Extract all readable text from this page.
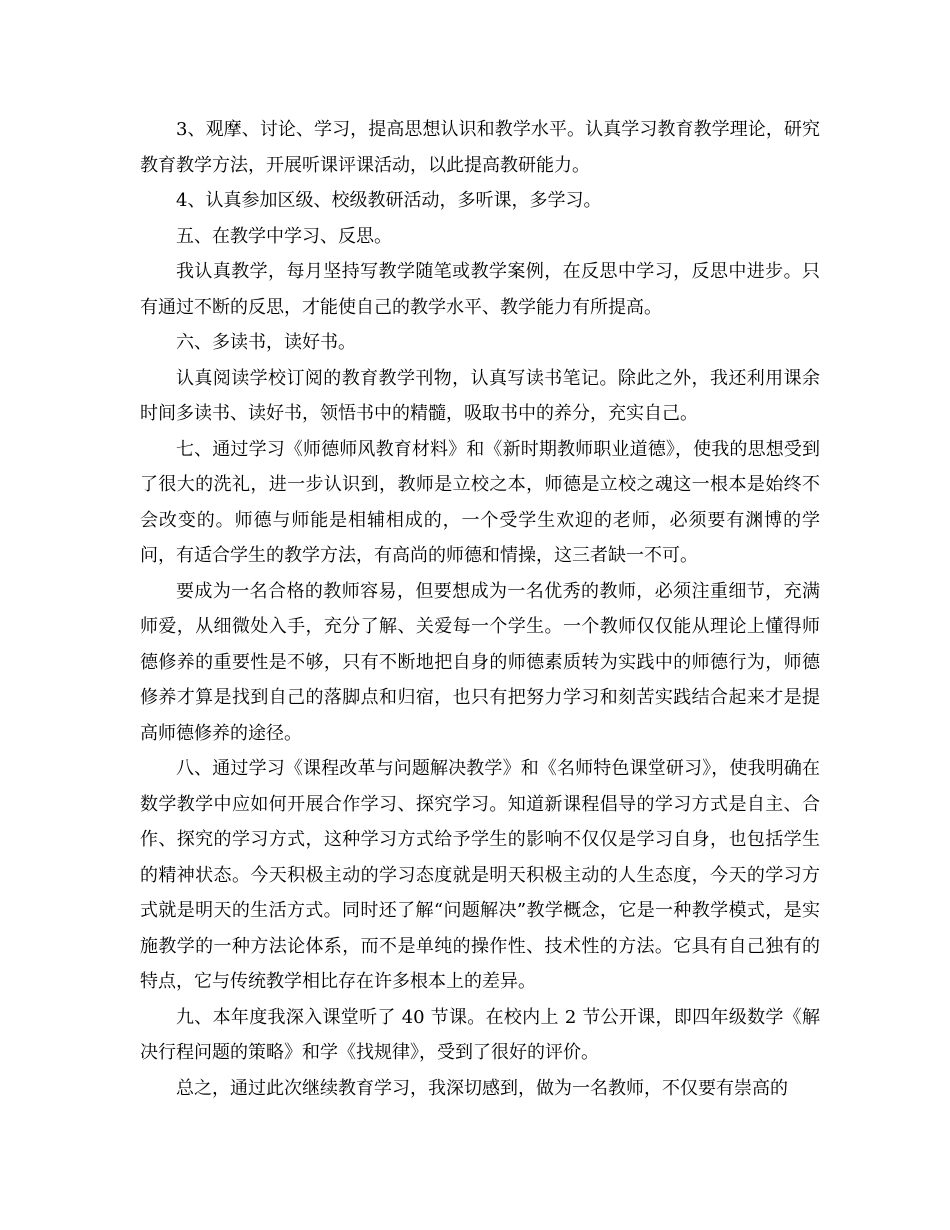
3、观摩、讨论、学习，提高思想认识和教学水平。认真学习教育教学理论，研究教育教学方法，开展听课评课活动，以此提高教研能力。

4、认真参加区级、校级教研活动，多听课，多学习。

五、在教学中学习、反思。

我认真教学，每月坚持写教学随笔或教学案例，在反思中学习，反思中进步。只有通过不断的反思，才能使自己的教学水平、教学能力有所提高。

六、多读书，读好书。

认真阅读学校订阅的教育教学刊物，认真写读书笔记。除此之外，我还利用课余时间多读书、读好书，领悟书中的精髓，吸取书中的养分，充实自己。

七、通过学习《师德师风教育材料》和《新时期教师职业道德》，使我的思想受到了很大的洗礼，进一步认识到，教师是立校之本，师德是立校之魂这一根本是始终不会改变的。师德与师能是相辅相成的，一个受学生欢迎的老师，必须要有渊博的学问，有适合学生的教学方法，有高尚的师德和情操，这三者缺一不可。

要成为一名合格的教师容易，但要想成为一名优秀的教师，必须注重细节，充满师爱，从细微处入手，充分了解、关爱每一个学生。一个教师仅仅能从理论上懂得师德修养的重要性是不够，只有不断地把自身的师德素质转为实践中的师德行为，师德修养才算是找到自己的落脚点和归宿，也只有把努力学习和刻苦实践结合起来才是提高师德修养的途径。

八、通过学习《课程改革与问题解决教学》和《名师特色课堂研习》，使我明确在数学教学中应如何开展合作学习、探究学习。知道新课程倡导的学习方式是自主、合作、探究的学习方式，这种学习方式给予学生的影响不仅仅是学习自身，也包括学生的精神状态。今天积极主动的学习态度就是明天积极主动的人生态度，今天的学习方式就是明天的生活方式。同时还了解“问题解决”教学概念，它是一种教学模式，是实施教学的一种方法论体系，而不是单纯的操作性、技术性的方法。它具有自己独有的特点，它与传统教学相比存在许多根本上的差异。

九、本年度我深入课堂听了 40 节课。在校内上 2 节公开课，即四年级数学《解决行程问题的策略》和学《找规律》，受到了很好的评价。

总之，通过此次继续教育学习，我深切感到，做为一名教师，不仅要有崇高的
